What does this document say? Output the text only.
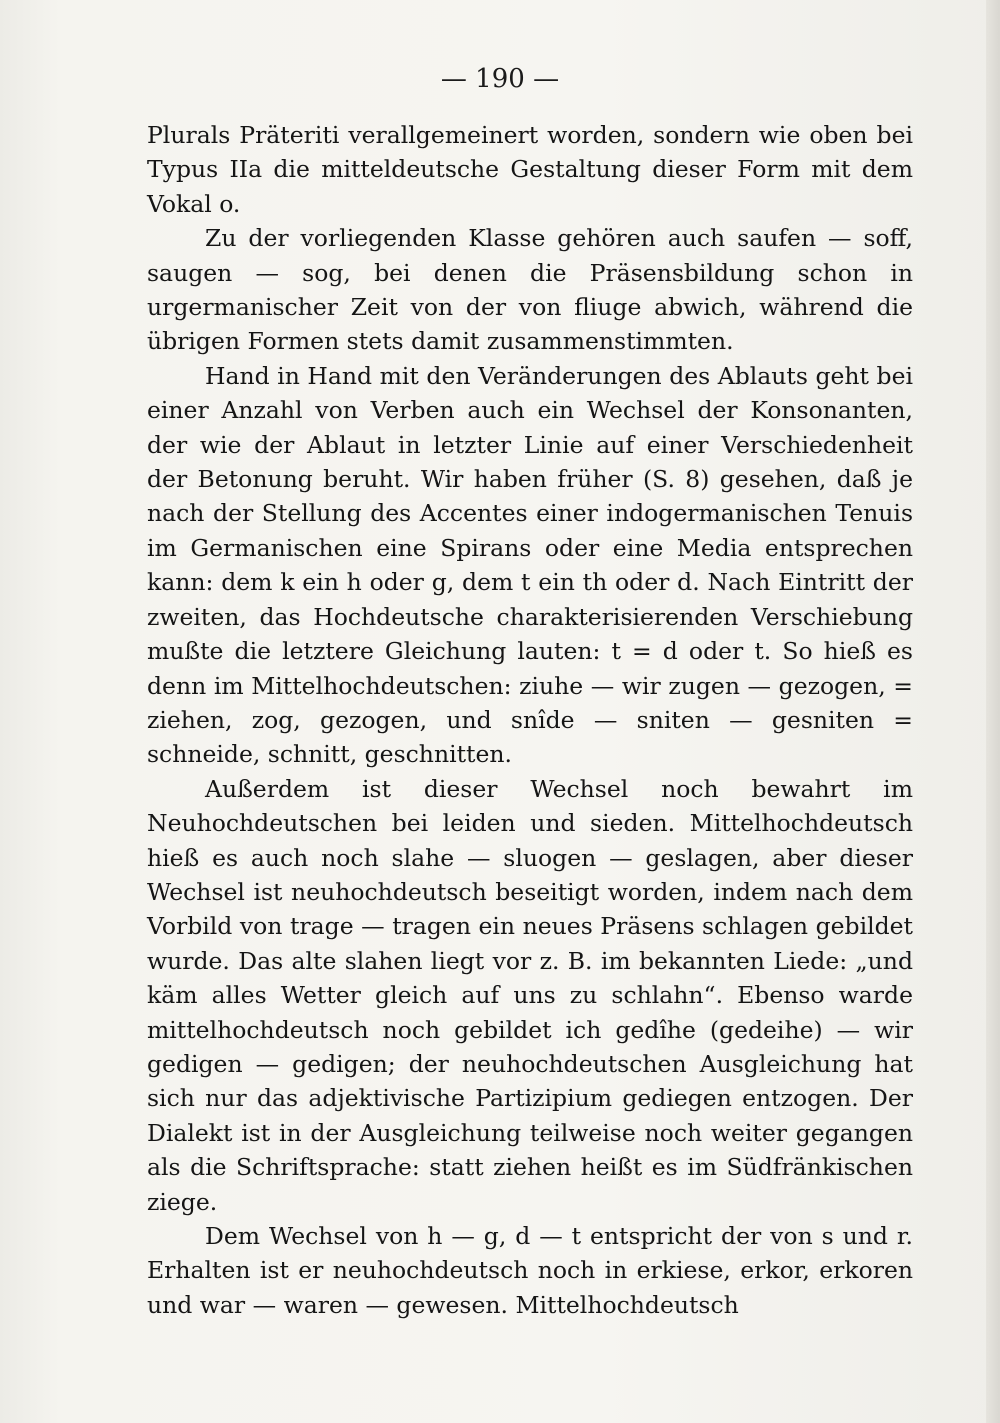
— 190 —

Plurals Präteriti verallgemeinert worden, sondern wie oben bei Typus IIa die mitteldeutsche Gestaltung dieser Form mit dem Vokal o.

Zu der vorliegenden Klasse gehören auch saufen — soff, saugen — sog, bei denen die Präsensbildung schon in urgermanischer Zeit von der von fliuge abwich, während die übrigen Formen stets damit zusammenstimmten.

Hand in Hand mit den Veränderungen des Ablauts geht bei einer Anzahl von Verben auch ein Wechsel der Konsonanten, der wie der Ablaut in letzter Linie auf einer Verschiedenheit der Betonung beruht. Wir haben früher (S. 8) gesehen, daß je nach der Stellung des Accentes einer indogermanischen Tenuis im Germanischen eine Spirans oder eine Media entsprechen kann: dem k ein h oder g, dem t ein th oder d. Nach Eintritt der zweiten, das Hochdeutsche charakterisierenden Verschiebung mußte die letztere Gleichung lauten: t = d oder t. So hieß es denn im Mittelhochdeutschen: ziuhe — wir zugen — gezogen, = ziehen, zog, gezogen, und snîde — sniten — gesniten = schneide, schnitt, geschnitten.

Außerdem ist dieser Wechsel noch bewahrt im Neuhochdeutschen bei leiden und sieden. Mittelhochdeutsch hieß es auch noch slahe — sluogen — geslagen, aber dieser Wechsel ist neuhochdeutsch beseitigt worden, indem nach dem Vorbild von trage — tragen ein neues Präsens schlagen gebildet wurde. Das alte slahen liegt vor z. B. im bekannten Liede: „und käm alles Wetter gleich auf uns zu schlahn“. Ebenso warde mittelhochdeutsch noch gebildet ich gedîhe (gedeihe) — wir gedigen — gedigen; der neuhochdeutschen Ausgleichung hat sich nur das adjektivische Partizipium gediegen entzogen. Der Dialekt ist in der Ausgleichung teilweise noch weiter gegangen als die Schriftsprache: statt ziehen heißt es im Südfränkischen ziege.

Dem Wechsel von h — g, d — t entspricht der von s und r. Erhalten ist er neuhochdeutsch noch in erkiese, erkor, erkoren und war — waren — gewesen. Mittelhochdeutsch
